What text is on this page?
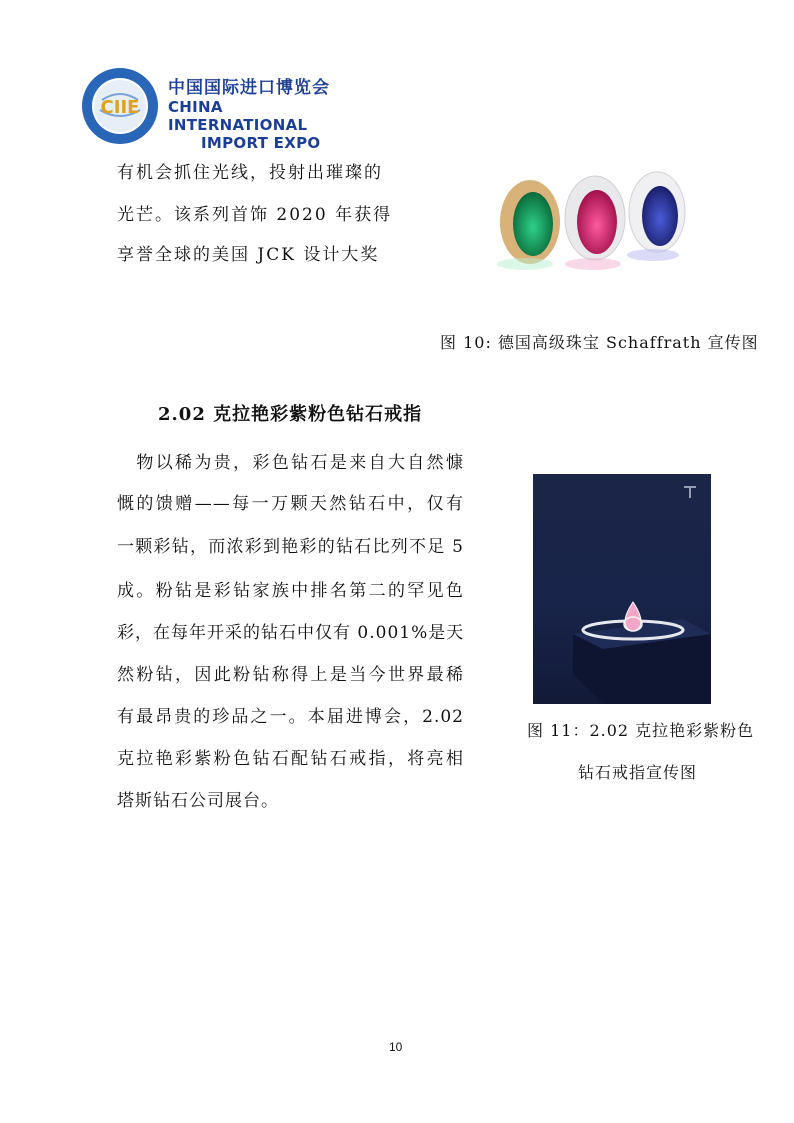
CIIE
中国国际进口博览会
CHINA INTERNATIONAL
IMPORT EXPO
有机会抓住光线，投射出璀璨的
光芒。该系列首饰 2020 年获得
享誉全球的美国 JCK 设计大奖
图 10: 德国高级珠宝 Schaffrath 宣传图
2.02 克拉艳彩紫粉色钻石戒指
　物以稀为贵，彩色钻石是来自大自然慷
慨的馈赠——每一万颗天然钻石中，仅有
一颗彩钻，而浓彩到艳彩的钻石比列不足 5
成。粉钻是彩钻家族中排名第二的罕见色
彩，在每年开采的钻石中仅有 0.001%是天
然粉钻，因此粉钻称得上是当今世界最稀
有最昂贵的珍品之一。本届进博会，2.02
克拉艳彩紫粉色钻石配钻石戒指，将亮相
塔斯钻石公司展台。
图 11：2.02 克拉艳彩紫粉色
钻石戒指宣传图
10
